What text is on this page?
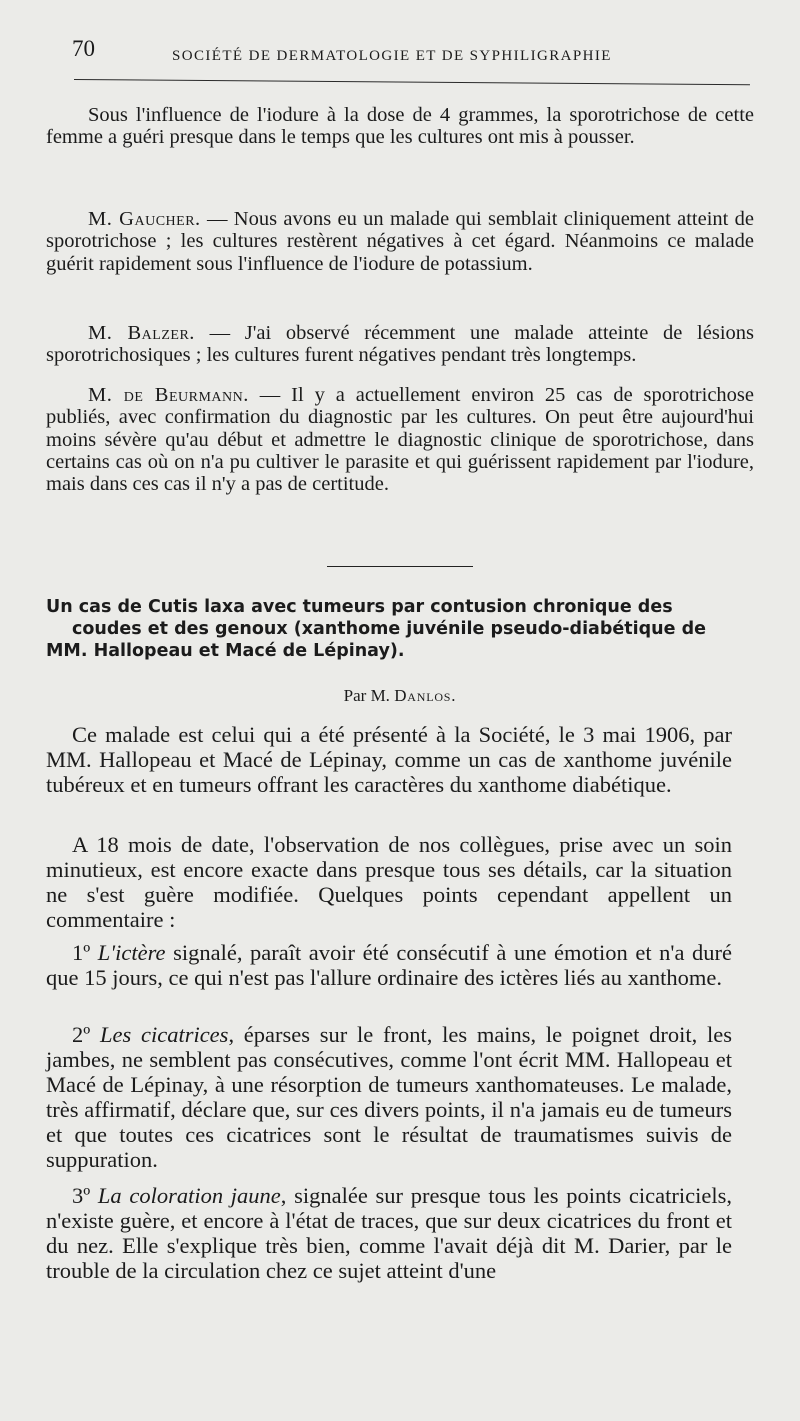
70	SOCIÉTÉ DE DERMATOLOGIE ET DE SYPHILIGRAPHIE

Sous l'influence de l'iodure à la dose de 4 grammes, la sporotrichose de cette femme a guéri presque dans le temps que les cultures ont mis à pousser.

M. Gaucher. — Nous avons eu un malade qui semblait cliniquement atteint de sporotrichose ; les cultures restèrent négatives à cet égard. Néanmoins ce malade guérit rapidement sous l'influence de l'iodure de potassium.

M. Balzer. — J'ai observé récemment une malade atteinte de lésions sporotrichosiques ; les cultures furent négatives pendant très longtemps.

M. de Beurmann. — Il y a actuellement environ 25 cas de sporotrichose publiés, avec confirmation du diagnostic par les cultures. On peut être aujourd'hui moins sévère qu'au début et admettre le diagnostic clinique de sporotrichose, dans certains cas où on n'a pu cultiver le parasite et qui guérissent rapidement par l'iodure, mais dans ces cas il n'y a pas de certitude.

Un cas de Cutis laxa avec tumeurs par contusion chronique des
coudes et des genoux (xanthome juvénile pseudo-diabétique de
MM. Hallopeau et Macé de Lépinay).

Par M. Danlos.

Ce malade est celui qui a été présenté à la Société, le 3 mai 1906, par MM. Hallopeau et Macé de Lépinay, comme un cas de xanthome juvénile tubéreux et en tumeurs offrant les caractères du xanthome diabétique.

A 18 mois de date, l'observation de nos collègues, prise avec un soin minutieux, est encore exacte dans presque tous ses détails, car la situation ne s'est guère modifiée. Quelques points cependant appellent un commentaire :

1º L'ictère signalé, paraît avoir été consécutif à une émotion et n'a duré que 15 jours, ce qui n'est pas l'allure ordinaire des ictères liés au xanthome.

2º Les cicatrices, éparses sur le front, les mains, le poignet droit, les jambes, ne semblent pas consécutives, comme l'ont écrit MM. Hallopeau et Macé de Lépinay, à une résorption de tumeurs xanthomateuses. Le malade, très affirmatif, déclare que, sur ces divers points, il n'a jamais eu de tumeurs et que toutes ces cicatrices sont le résultat de traumatismes suivis de suppuration.

3º La coloration jaune, signalée sur presque tous les points cicatriciels, n'existe guère, et encore à l'état de traces, que sur deux cicatrices du front et du nez. Elle s'explique très bien, comme l'avait déjà dit M. Darier, par le trouble de la circulation chez ce sujet atteint d'une
